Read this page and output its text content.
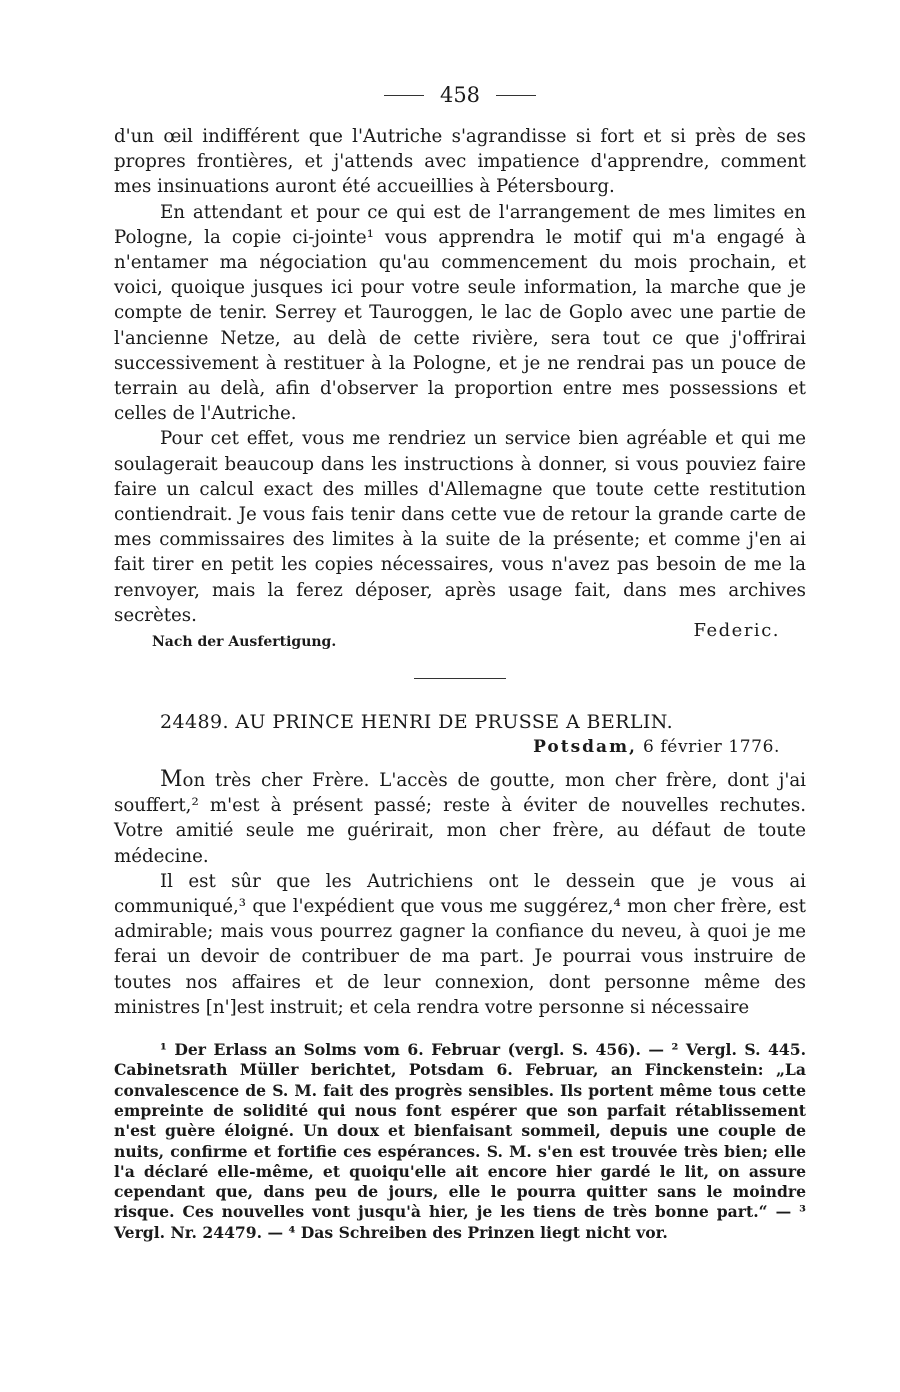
458

d'un œil indifférent que l'Autriche s'agrandisse si fort et si près de ses propres frontières, et j'attends avec impatience d'apprendre, comment mes insinuations auront été accueillies à Pétersbourg.

En attendant et pour ce qui est de l'arrangement de mes limites en Pologne, la copie ci-jointe¹ vous apprendra le motif qui m'a engagé à n'entamer ma négociation qu'au commencement du mois prochain, et voici, quoique jusques ici pour votre seule information, la marche que je compte de tenir. Serrey et Tauroggen, le lac de Goplo avec une partie de l'ancienne Netze, au delà de cette rivière, sera tout ce que j'offrirai successivement à restituer à la Pologne, et je ne rendrai pas un pouce de terrain au delà, afin d'observer la proportion entre mes possessions et celles de l'Autriche.

Pour cet effet, vous me rendriez un service bien agréable et qui me soulagerait beaucoup dans les instructions à donner, si vous pouviez faire faire un calcul exact des milles d'Allemagne que toute cette restitution contiendrait. Je vous fais tenir dans cette vue de retour la grande carte de mes commissaires des limites à la suite de la présente; et comme j'en ai fait tirer en petit les copies nécessaires, vous n'avez pas besoin de me la renvoyer, mais la ferez déposer, après usage fait, dans mes archives secrètes.

Federic.
Nach der Ausfertigung.
24489. AU PRINCE HENRI DE PRUSSE A BERLIN.
Potsdam, 6 février 1776.

Mon très cher Frère. L'accès de goutte, mon cher frère, dont j'ai souffert,² m'est à présent passé; reste à éviter de nouvelles rechutes. Votre amitié seule me guérirait, mon cher frère, au défaut de toute médecine.

Il est sûr que les Autrichiens ont le dessein que je vous ai communiqué,³ que l'expédient que vous me suggérez,⁴ mon cher frère, est admirable; mais vous pourrez gagner la confiance du neveu, à quoi je me ferai un devoir de contribuer de ma part. Je pourrai vous instruire de toutes nos affaires et de leur connexion, dont personne même des ministres [n']est instruit; et cela rendra votre personne si nécessaire

¹ Der Erlass an Solms vom 6. Februar (vergl. S. 456). — ² Vergl. S. 445. Cabinetsrath Müller berichtet, Potsdam 6. Februar, an Finckenstein: „La convalescence de S. M. fait des progrès sensibles. Ils portent même tous cette empreinte de solidité qui nous font espérer que son parfait rétablissement n'est guère éloigné. Un doux et bienfaisant sommeil, depuis une couple de nuits, confirme et fortifie ces espérances. S. M. s'en est trouvée très bien; elle l'a déclaré elle-même, et quoiqu'elle ait encore hier gardé le lit, on assure cependant que, dans peu de jours, elle le pourra quitter sans le moindre risque. Ces nouvelles vont jusqu'à hier, je les tiens de très bonne part.“ — ³ Vergl. Nr. 24479. — ⁴ Das Schreiben des Prinzen liegt nicht vor.
